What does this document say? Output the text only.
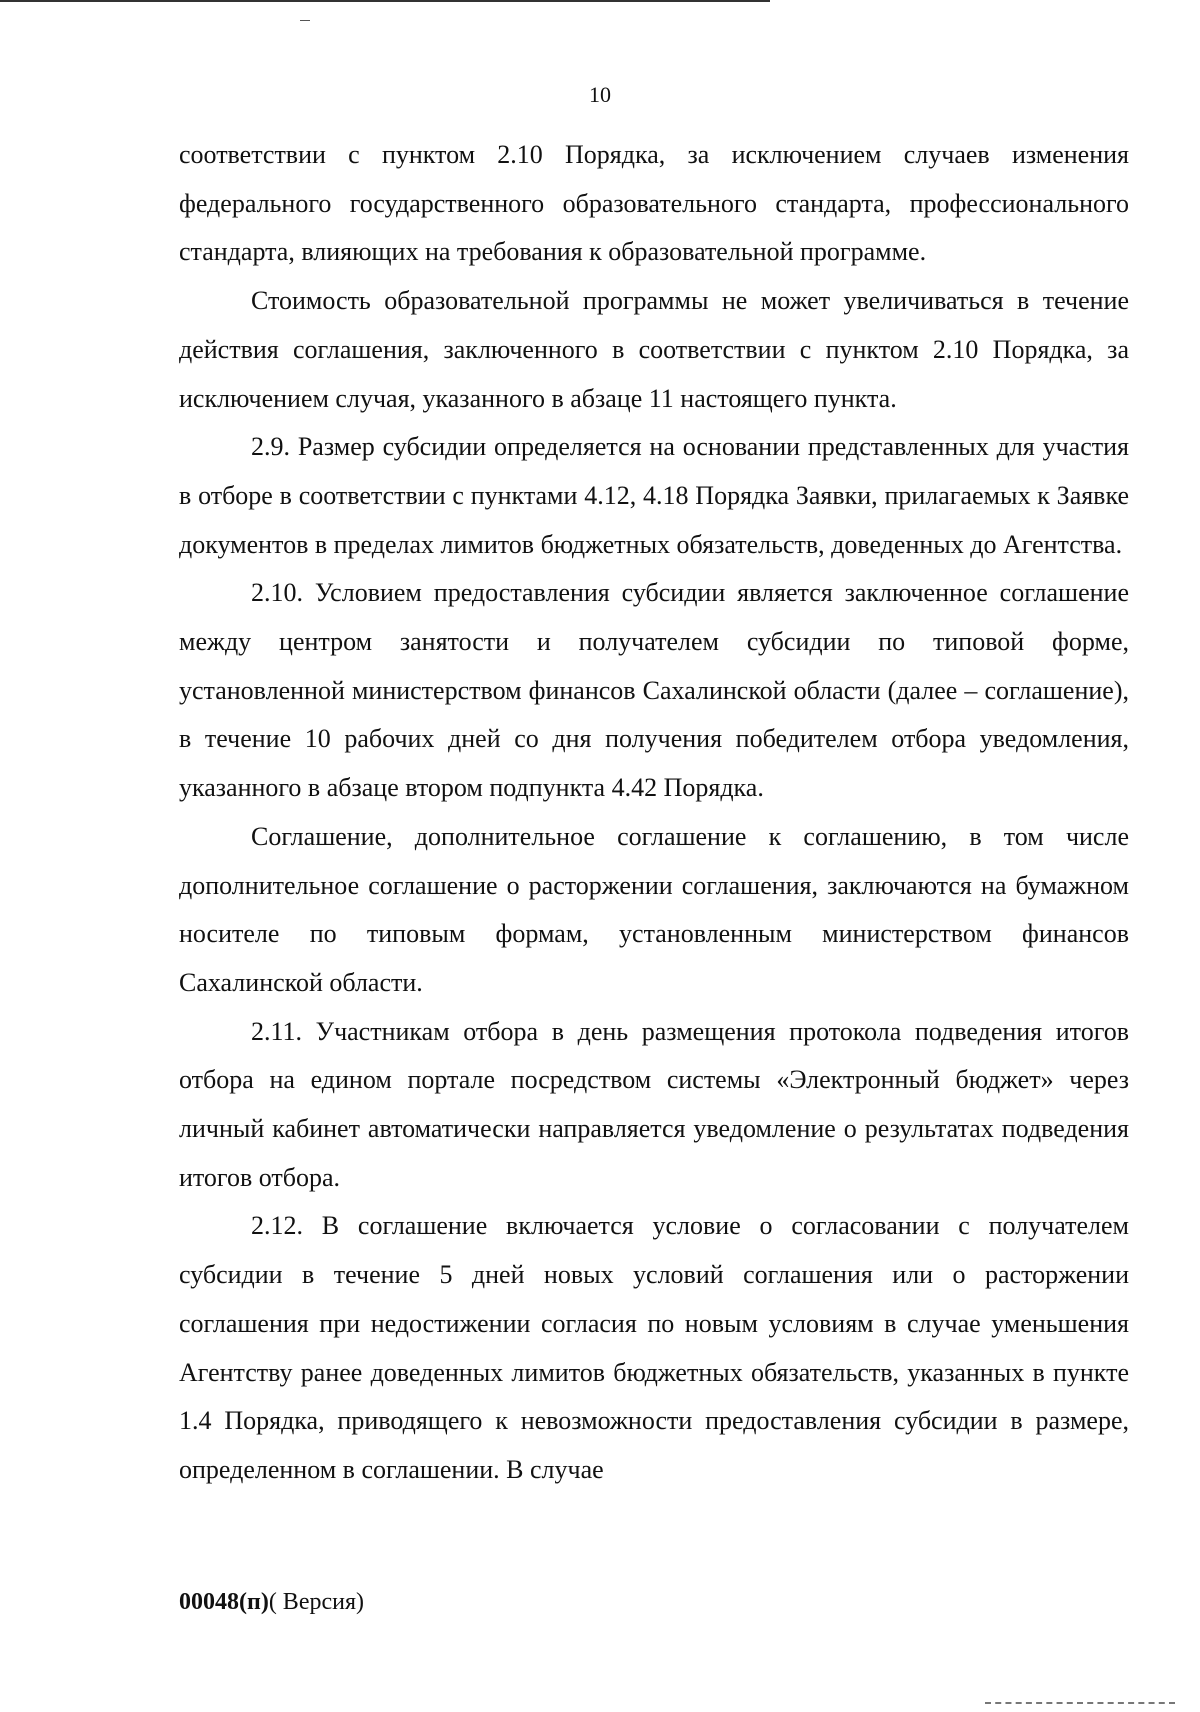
10

соответствии с пунктом 2.10 Порядка, за исключением случаев изменения федерального государственного образовательного стандарта, профессионального стандарта, влияющих на требования к образовательной программе.

Стоимость образовательной программы не может увеличиваться в течение действия соглашения, заключенного в соответствии с пунктом 2.10 Порядка, за исключением случая, указанного в абзаце 11 настоящего пункта.

2.9. Размер субсидии определяется на основании представленных для участия в отборе в соответствии с пунктами 4.12, 4.18 Порядка Заявки, прилагаемых к Заявке документов в пределах лимитов бюджетных обязательств, доведенных до Агентства.

2.10. Условием предоставления субсидии является заключенное соглашение между центром занятости и получателем субсидии по типовой форме, установленной министерством финансов Сахалинской области (далее – соглашение), в течение 10 рабочих дней со дня получения победителем отбора уведомления, указанного в абзаце втором подпункта 4.42 Порядка.

Соглашение, дополнительное соглашение к соглашению, в том числе дополнительное соглашение о расторжении соглашения, заключаются на бумажном носителе по типовым формам, установленным министерством финансов Сахалинской области.

2.11. Участникам отбора в день размещения протокола подведения итогов отбора на едином портале посредством системы «Электронный бюджет» через личный кабинет автоматически направляется уведомление о результатах подведения итогов отбора.

2.12. В соглашение включается условие о согласовании с получателем субсидии в течение 5 дней новых условий соглашения или о расторжении соглашения при недостижении согласия по новым условиям в случае уменьшения Агентству ранее доведенных лимитов бюджетных обязательств, указанных в пункте 1.4 Порядка, приводящего к невозможности предоставления субсидии в размере, определенном в соглашении. В случае

00048(п)( Версия)
